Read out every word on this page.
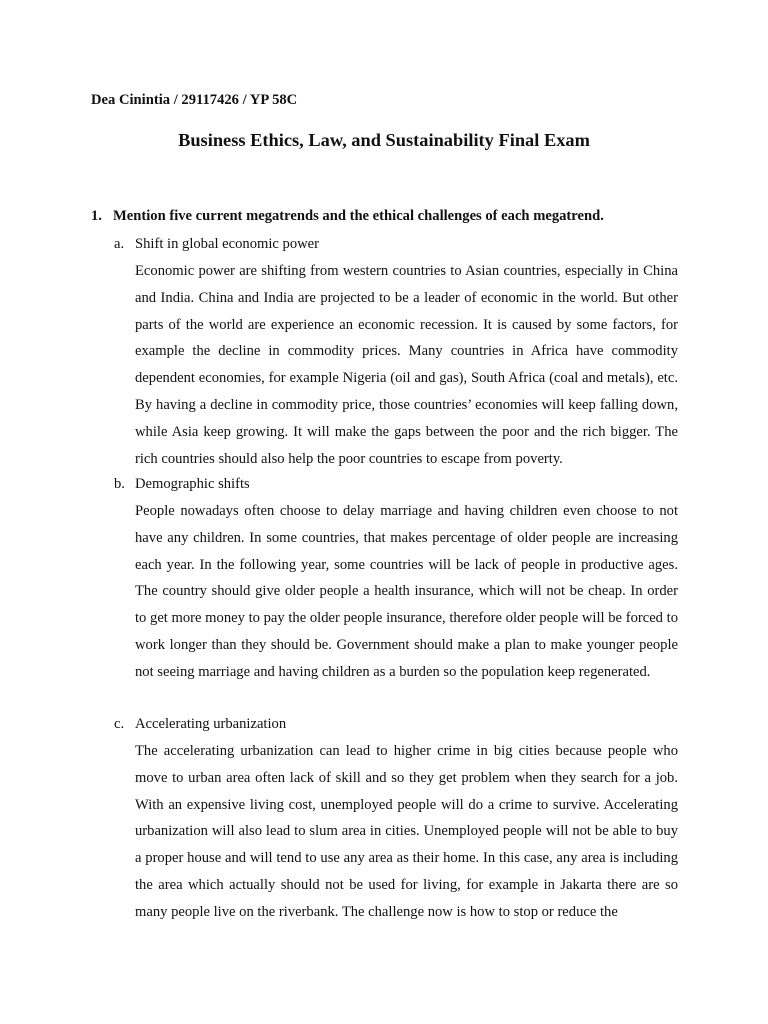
Dea Cinintia / 29117426 / YP 58C
Business Ethics, Law, and Sustainability Final Exam
1. Mention five current megatrends and the ethical challenges of each megatrend.
a. Shift in global economic power
Economic power are shifting from western countries to Asian countries, especially in China and India. China and India are projected to be a leader of economic in the world. But other parts of the world are experience an economic recession. It is caused by some factors, for example the decline in commodity prices. Many countries in Africa have commodity dependent economies, for example Nigeria (oil and gas), South Africa (coal and metals), etc. By having a decline in commodity price, those countries’ economies will keep falling down, while Asia keep growing. It will make the gaps between the poor and the rich bigger. The rich countries should also help the poor countries to escape from poverty.
b. Demographic shifts
People nowadays often choose to delay marriage and having children even choose to not have any children. In some countries, that makes percentage of older people are increasing each year. In the following year, some countries will be lack of people in productive ages. The country should give older people a health insurance, which will not be cheap. In order to get more money to pay the older people insurance, therefore older people will be forced to work longer than they should be. Government should make a plan to make younger people not seeing marriage and having children as a burden so the population keep regenerated.
c. Accelerating urbanization
The accelerating urbanization can lead to higher crime in big cities because people who move to urban area often lack of skill and so they get problem when they search for a job. With an expensive living cost, unemployed people will do a crime to survive. Accelerating urbanization will also lead to slum area in cities. Unemployed people will not be able to buy a proper house and will tend to use any area as their home. In this case, any area is including the area which actually should not be used for living, for example in Jakarta there are so many people live on the riverbank. The challenge now is how to stop or reduce the
